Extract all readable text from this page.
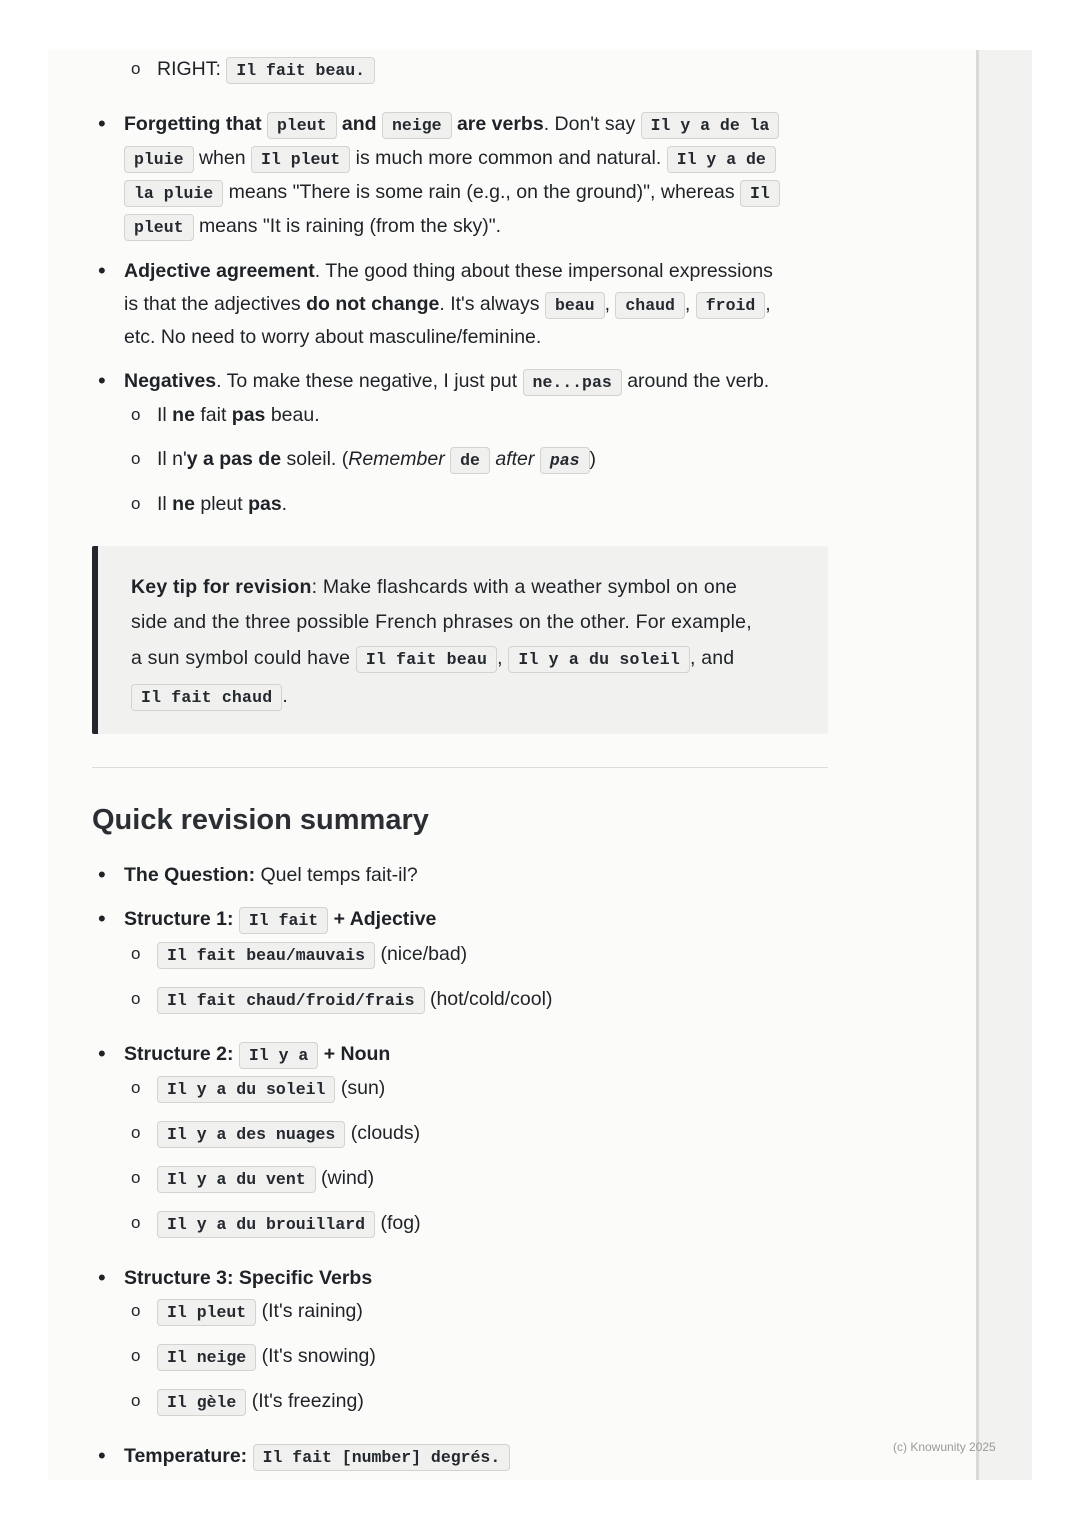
o RIGHT: Il fait beau.
• Forgetting that pleut and neige are verbs. Don't say Il y a de la
pluie when Il pleut is much more common and natural. Il y a de
la pluie means "There is some rain (e.g., on the ground)", whereas Il
pleut means "It is raining (from the sky)".
• Adjective agreement. The good thing about these impersonal expressions
is that the adjectives do not change. It's always beau , chaud , froid ,
etc. No need to worry about masculine/feminine.
• Negatives. To make these negative, I just put ne...pas around the verb.
o Il ne fait pas beau.
o Il n'y a pas de soleil. (Remember de after pas )
o Il ne pleut pas.
Key tip for revision: Make flashcards with a weather symbol on one
side and the three possible French phrases on the other. For example,
a sun symbol could have Il fait beau , Il y a du soleil , and
Il fait chaud .
Quick revision summary
• The Question: Quel temps fait-il?
• Structure 1: Il fait + Adjective
o	Il fait beau/mauvais (nice/bad)
o	Il fait chaud/froid/frais (hot/cold/cool)
• Structure 2: Il y a + Noun
o	Il y a du soleil (sun)
o	Il y a des nuages (clouds)
o	Il y a du vent (wind)
o	Il y a du brouillard (fog)
• Structure 3: Specific Verbs
o	Il pleut (It's raining)
o	Il neige (It's snowing)
o	Il gèle (It's freezing)
• Temperature: Il fait [number] degrés.
(c) Knowunity 2025
